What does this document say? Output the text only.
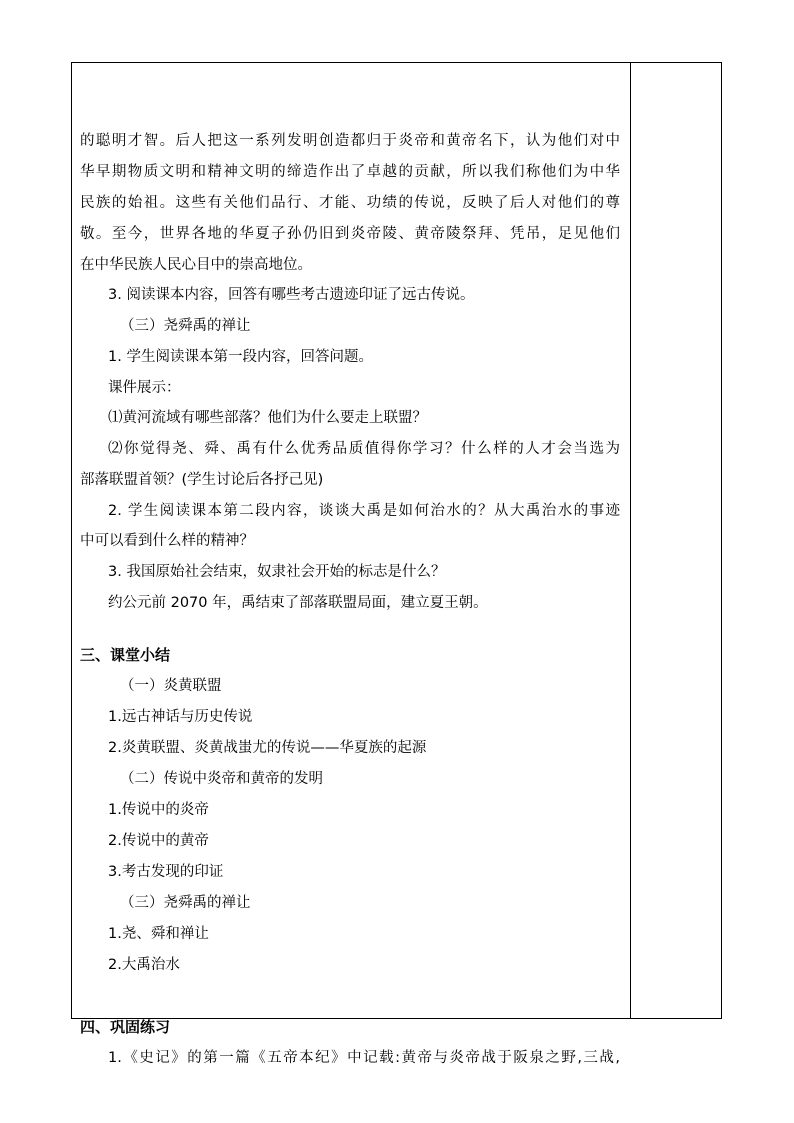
的聪明才智。后人把这一系列发明创造都归于炎帝和黄帝名下，认为他们对中
华早期物质文明和精神文明的缔造作出了卓越的贡献，所以我们称他们为中华
民族的始祖。这些有关他们品行、才能、功绩的传说，反映了后人对他们的尊
敬。至今，世界各地的华夏子孙仍旧到炎帝陵、黄帝陵祭拜、凭吊，足见他们
在中华民族人民心目中的崇高地位。
3. 阅读课本内容，回答有哪些考古遗迹印证了远古传说。
（三）尧舜禹的禅让
1. 学生阅读课本第一段内容，回答问题。
课件展示：
⑴黄河流域有哪些部落？他们为什么要走上联盟？
⑵你觉得尧、舜、禹有什么优秀品质值得你学习？什么样的人才会当选为
部落联盟首领？(学生讨论后各抒己见)
2. 学生阅读课本第二段内容，谈谈大禹是如何治水的？从大禹治水的事迹
中可以看到什么样的精神？
3. 我国原始社会结束，奴隶社会开始的标志是什么？
约公元前 2070 年，禹结束了部落联盟局面，建立夏王朝。
三、课堂小结
（一）炎黄联盟
1.远古神话与历史传说
2.炎黄联盟、炎黄战蚩尤的传说——华夏族的起源
（二）传说中炎帝和黄帝的发明
1.传说中的炎帝
2.传说中的黄帝
3.考古发现的印证
（三）尧舜禹的禅让
1.尧、舜和禅让
2.大禹治水
四、巩固练习
1.《史记》的第一篇《五帝本纪》中记载:黄帝与炎帝战于阪泉之野,三战,
